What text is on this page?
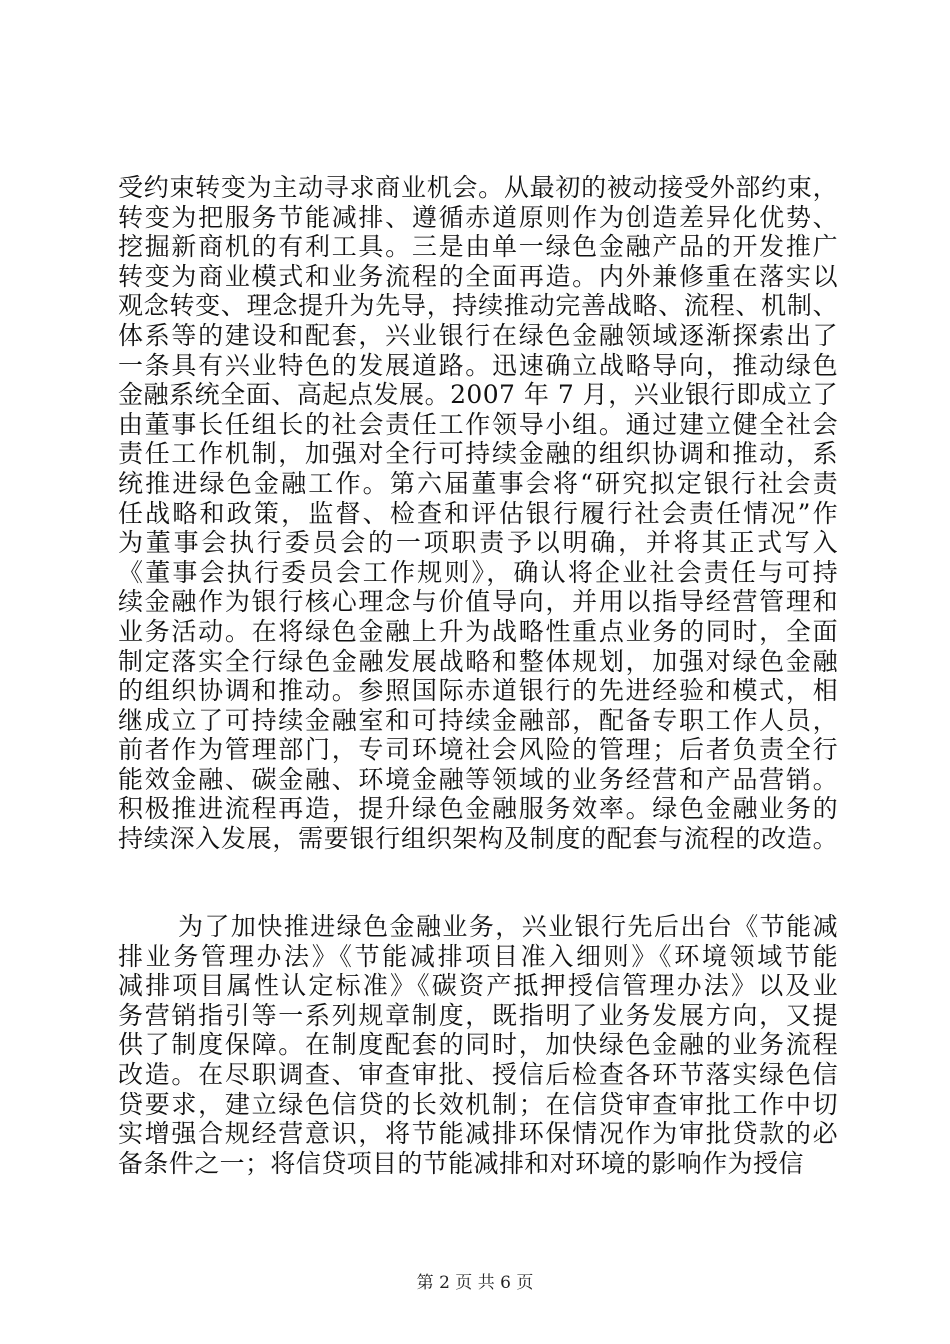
受约束转变为主动寻求商业机会。从最初的被动接受外部约束，
转变为把服务节能减排、遵循赤道原则作为创造差异化优势、
挖掘新商机的有利工具。三是由单一绿色金融产品的开发推广
转变为商业模式和业务流程的全面再造。内外兼修重在落实以
观念转变、理念提升为先导，持续推动完善战略、流程、机制、
体系等的建设和配套，兴业银行在绿色金融领域逐渐探索出了
一条具有兴业特色的发展道路。迅速确立战略导向，推动绿色
金融系统全面、高起点发展。2007 年 7 月，兴业银行即成立了
由董事长任组长的社会责任工作领导小组。通过建立健全社会
责任工作机制，加强对全行可持续金融的组织协调和推动，系
统推进绿色金融工作。第六届董事会将“研究拟定银行社会责
任战略和政策，监督、检查和评估银行履行社会责任情况”作
为董事会执行委员会的一项职责予以明确，并将其正式写入
《董事会执行委员会工作规则》，确认将企业社会责任与可持
续金融作为银行核心理念与价值导向，并用以指导经营管理和
业务活动。在将绿色金融上升为战略性重点业务的同时，全面
制定落实全行绿色金融发展战略和整体规划，加强对绿色金融
的组织协调和推动。参照国际赤道银行的先进经验和模式，相
继成立了可持续金融室和可持续金融部，配备专职工作人员，
前者作为管理部门，专司环境社会风险的管理；后者负责全行
能效金融、碳金融、环境金融等领域的业务经营和产品营销。
积极推进流程再造，提升绿色金融服务效率。绿色金融业务的
持续深入发展，需要银行组织架构及制度的配套与流程的改造。
为了加快推进绿色金融业务，兴业银行先后出台《节能减
排业务管理办法》《节能减排项目准入细则》《环境领域节能
减排项目属性认定标准》《碳资产抵押授信管理办法》以及业
务营销指引等一系列规章制度，既指明了业务发展方向，又提
供了制度保障。在制度配套的同时，加快绿色金融的业务流程
改造。在尽职调查、审查审批、授信后检查各环节落实绿色信
贷要求，建立绿色信贷的长效机制；在信贷审查审批工作中切
实增强合规经营意识，将节能减排环保情况作为审批贷款的必
备条件之一；将信贷项目的节能减排和对环境的影响作为授信
第 2 页 共 6 页
